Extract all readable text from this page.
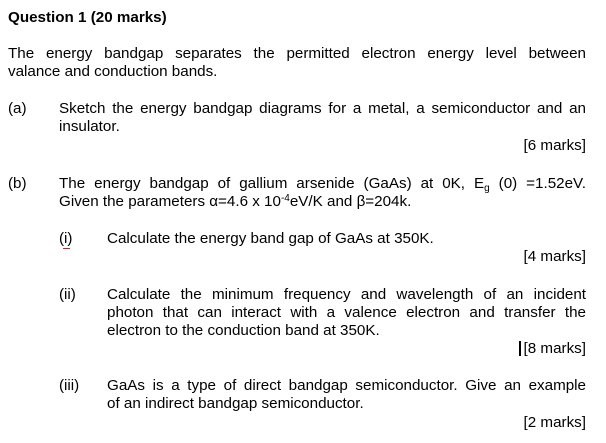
Question 1 (20 marks)
The energy bandgap separates the permitted electron energy level between
valance and conduction bands.
(a) Sketch the energy bandgap diagrams for a metal, a semiconductor and an
insulator.
[6 marks]
(b) The energy bandgap of gallium arsenide (GaAs) at 0K, $E_g$ (0) =1.52eV.
Given the parameters α=4.6 x $10^{-4}eV/K$ and β=204k.
(i) Calculate the energy band gap of GaAs at 350K.
[4 marks]
(ii) Calculate the minimum frequency and wavelength of an incident
photon that can interact with a valence electron and transfer the
electron to the conduction band at 350K.
[8 marks]
(iii) GaAs is a type of direct bandgap semiconductor. Give an example
of an indirect bandgap semiconductor.
[2 marks]
